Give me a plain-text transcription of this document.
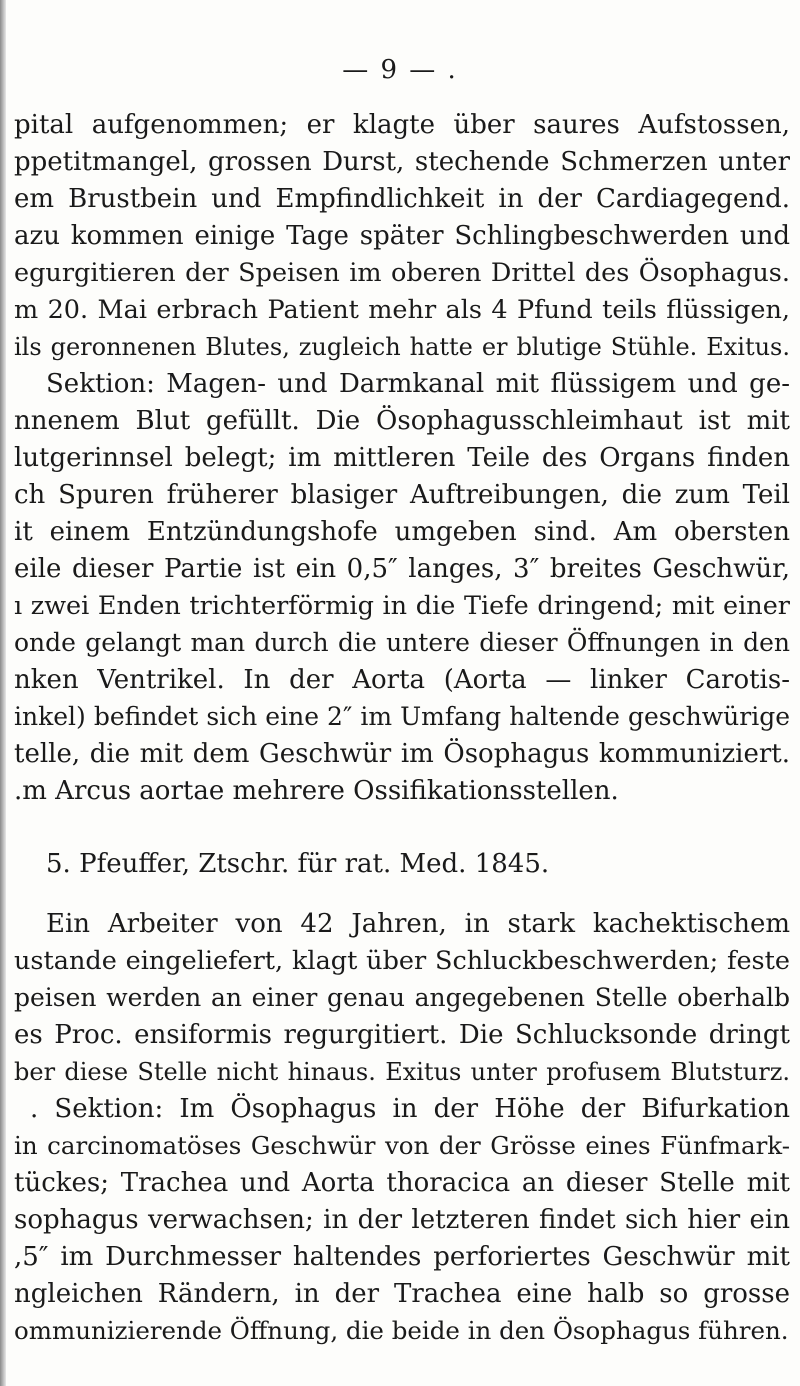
— 9 — .
pital aufgenommen; er klagte über saures Aufstossen,
ppetitmangel, grossen Durst, stechende Schmerzen unter
em Brustbein und Empfindlichkeit in der Cardiagegend.
azu kommen einige Tage später Schlingbeschwerden und
egurgitieren der Speisen im oberen Drittel des Ösophagus.
m 20. Mai erbrach Patient mehr als 4 Pfund teils flüssigen,
ils geronnenen Blutes, zugleich hatte er blutige Stühle. Exitus.
Sektion: Magen- und Darmkanal mit flüssigem und ge-
nnenem Blut gefüllt. Die Ösophagusschleimhaut ist mit
lutgerinnsel belegt; im mittleren Teile des Organs finden
ch Spuren früherer blasiger Auftreibungen, die zum Teil
it einem Entzündungshofe umgeben sind. Am obersten
eile dieser Partie ist ein 0,5″ langes, 3″ breites Geschwür,
ı zwei Enden trichterförmig in die Tiefe dringend; mit einer
onde gelangt man durch die untere dieser Öffnungen in den
nken Ventrikel. In der Aorta (Aorta — linker Carotis-
inkel) befindet sich eine 2″ im Umfang haltende geschwürige
telle, die mit dem Geschwür im Ösophagus kommuniziert.
.m Arcus aortae mehrere Ossifikationsstellen.
5. Pfeuffer, Ztschr. für rat. Med. 1845.
Ein Arbeiter von 42 Jahren, in stark kachektischem
ustande eingeliefert, klagt über Schluckbeschwerden; feste
peisen werden an einer genau angegebenen Stelle oberhalb
es Proc. ensiformis regurgitiert. Die Schlucksonde dringt
ber diese Stelle nicht hinaus. Exitus unter profusem Blutsturz.
. Sektion: Im Ösophagus in der Höhe der Bifurkation
in carcinomatöses Geschwür von der Grösse eines Fünfmark-
tückes; Trachea und Aorta thoracica an dieser Stelle mit
sophagus verwachsen; in der letzteren findet sich hier ein
,5″ im Durchmesser haltendes perforiertes Geschwür mit
ngleichen Rändern, in der Trachea eine halb so grosse
ommunizierende Öffnung, die beide in den Ösophagus führen.
